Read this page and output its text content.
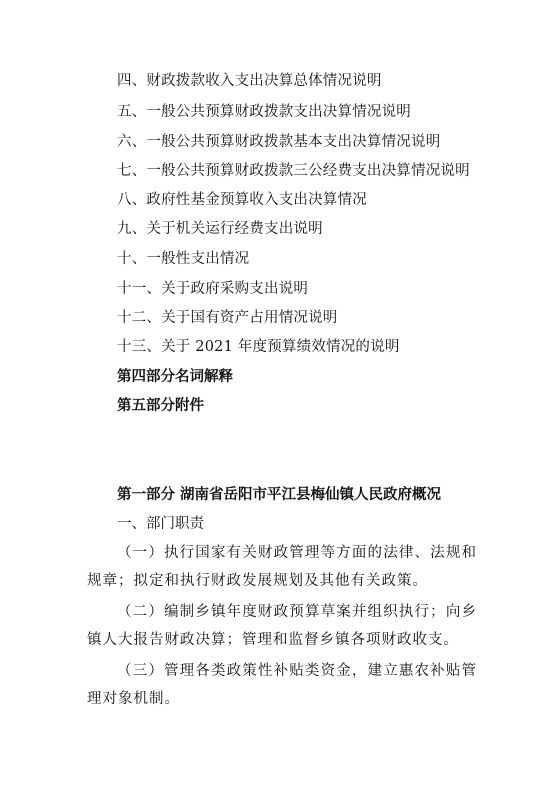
四、财政拨款收入支出决算总体情况说明
五、一般公共预算财政拨款支出决算情况说明
六、一般公共预算财政拨款基本支出决算情况说明
七、一般公共预算财政拨款三公经费支出决算情况说明
八、政府性基金预算收入支出决算情况
九、关于机关运行经费支出说明
十、一般性支出情况
十一、关于政府采购支出说明
十二、关于国有资产占用情况说明
十三、关于 2021 年度预算绩效情况的说明
第四部分名词解释
第五部分附件
第一部分 湖南省岳阳市平江县梅仙镇人民政府概况
一、部门职责
（一）执行国家有关财政管理等方面的法律、法规和规章；拟定和执行财政发展规划及其他有关政策。
（二）编制乡镇年度财政预算草案并组织执行；向乡镇人大报告财政决算；管理和监督乡镇各项财政收支。
（三）管理各类政策性补贴类资金，建立惠农补贴管理对象机制。
